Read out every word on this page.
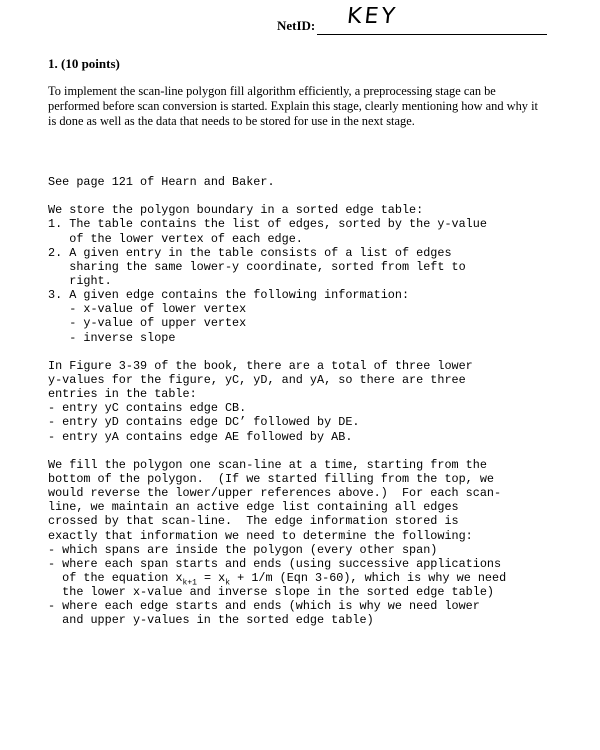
NetID: KEY
1. (10 points)

To implement the scan-line polygon fill algorithm efficiently, a preprocessing stage can be performed before scan conversion is started. Explain this stage, clearly mentioning how and why it is done as well as the data that needs to be stored for use in the next stage.

See page 121 of Hearn and Baker.
We store the polygon boundary in a sorted edge table:
1. The table contains the list of edges, sorted by the y-value
of the lower vertex of each edge.
2. A given entry in the table consists of a list of edges
sharing the same lower-y coordinate, sorted from left to
right.
3. A given edge contains the following information:
- x-value of lower vertex
- y-value of upper vertex
- inverse slope
In Figure 3-39 of the book, there are a total of three lower
y-values for the figure, yC, yD, and yA, so there are three
entries in the table:
- entry yC contains edge CB.
- entry yD contains edge DC’ followed by DE.
- entry yA contains edge AE followed by AB.
We fill the polygon one scan-line at a time, starting from the
bottom of the polygon.  (If we started filling from the top, we
would reverse the lower/upper references above.)  For each scan-
line, we maintain an active edge list containing all edges
crossed by that scan-line.  The edge information stored is
exactly that information we need to determine the following:
- which spans are inside the polygon (every other span)
- where each span starts and ends (using successive applications
of the equation $x_{k+1} = x_k + 1/m$ (Eqn 3-60), which is why we need
the lower x-value and inverse slope in the sorted edge table)
- where each edge starts and ends (which is why we need lower
and upper y-values in the sorted edge table)
